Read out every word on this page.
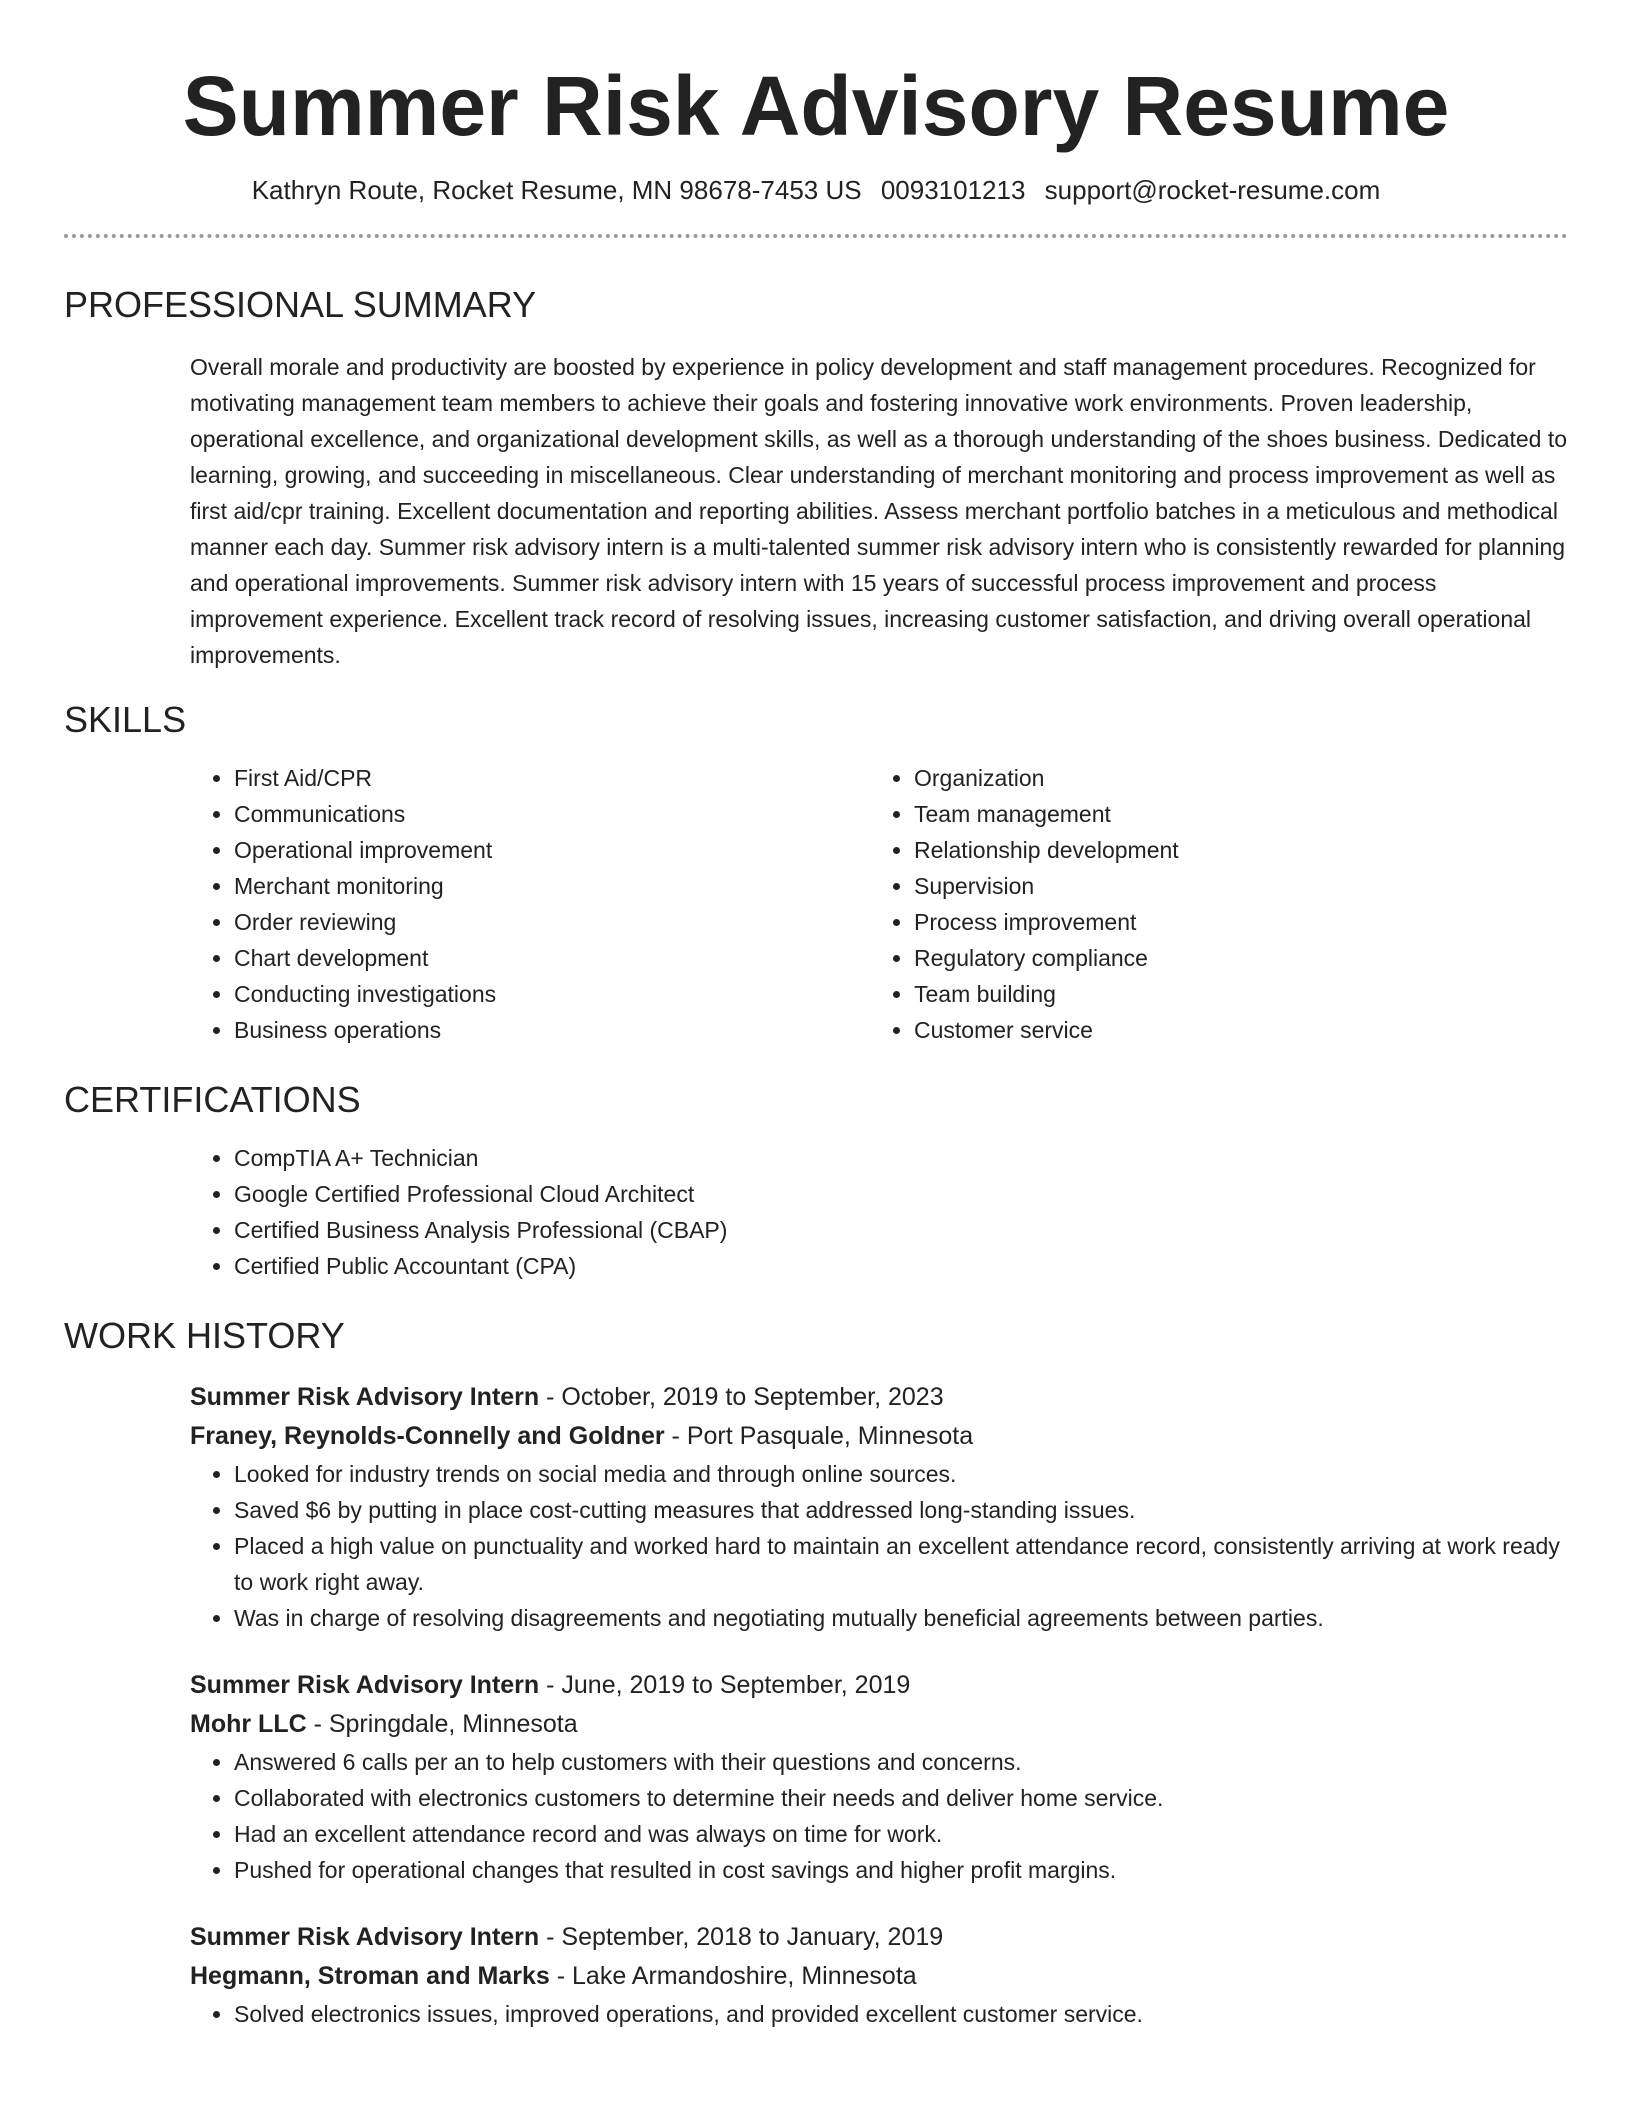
Summer Risk Advisory Resume
Kathryn Route, Rocket Resume, MN 98678-7453 US 0093101213 support@rocket-resume.com
PROFESSIONAL SUMMARY

Overall morale and productivity are boosted by experience in policy development and staff management procedures. Recognized for motivating management team members to achieve their goals and fostering innovative work environments. Proven leadership, operational excellence, and organizational development skills, as well as a thorough understanding of the shoes business. Dedicated to learning, growing, and succeeding in miscellaneous. Clear understanding of merchant monitoring and process improvement as well as first aid/cpr training. Excellent documentation and reporting abilities. Assess merchant portfolio batches in a meticulous and methodical manner each day. Summer risk advisory intern is a multi-talented summer risk advisory intern who is consistently rewarded for planning and operational improvements. Summer risk advisory intern with 15 years of successful process improvement and process improvement experience. Excellent track record of resolving issues, increasing customer satisfaction, and driving overall operational improvements.

SKILLS
• First Aid/CPR
• Communications
• Operational improvement
• Merchant monitoring
• Order reviewing
• Chart development
• Conducting investigations
• Business operations
• Organization
• Team management
• Relationship development
• Supervision
• Process improvement
• Regulatory compliance
• Team building
• Customer service
CERTIFICATIONS
• CompTIA A+ Technician
• Google Certified Professional Cloud Architect
• Certified Business Analysis Professional (CBAP)
• Certified Public Accountant (CPA)
WORK HISTORY
Summer Risk Advisory Intern - October, 2019 to September, 2023
Franey, Reynolds-Connelly and Goldner - Port Pasquale, Minnesota
• Looked for industry trends on social media and through online sources.
• Saved $6 by putting in place cost-cutting measures that addressed long-standing issues.
• Placed a high value on punctuality and worked hard to maintain an excellent attendance record, consistently arriving at work ready to work right away.
• Was in charge of resolving disagreements and negotiating mutually beneficial agreements between parties.
Summer Risk Advisory Intern - June, 2019 to September, 2019
Mohr LLC - Springdale, Minnesota
• Answered 6 calls per an to help customers with their questions and concerns.
• Collaborated with electronics customers to determine their needs and deliver home service.
• Had an excellent attendance record and was always on time for work.
• Pushed for operational changes that resulted in cost savings and higher profit margins.
Summer Risk Advisory Intern - September, 2018 to January, 2019
Hegmann, Stroman and Marks - Lake Armandoshire, Minnesota
• Solved electronics issues, improved operations, and provided excellent customer service.
